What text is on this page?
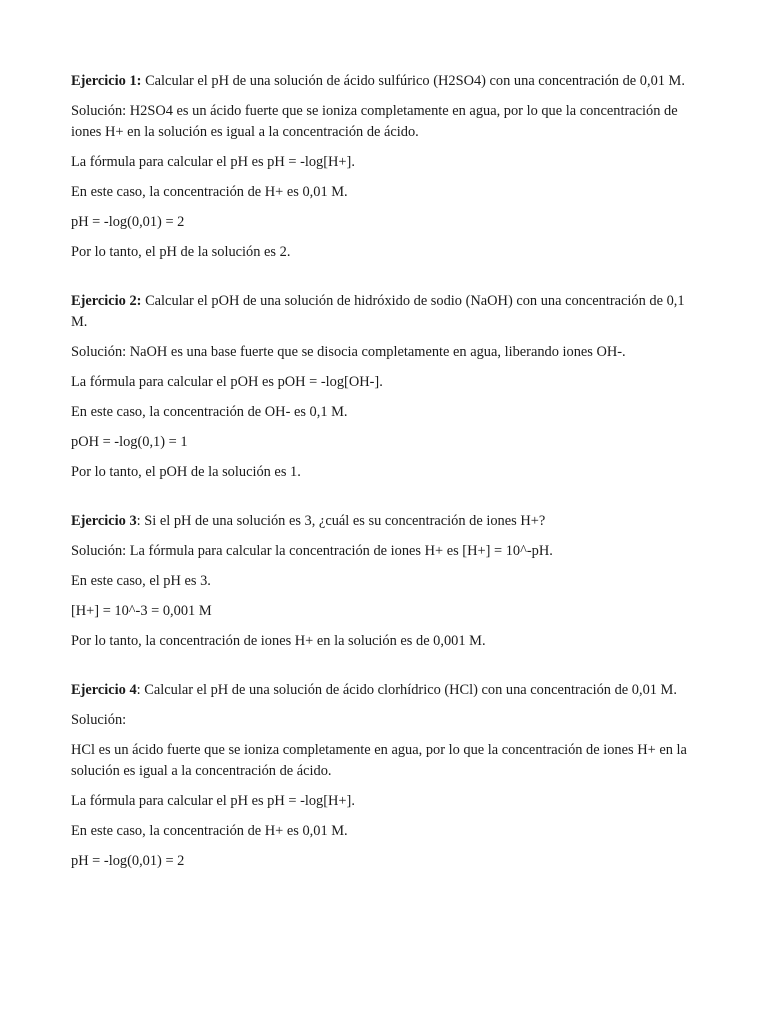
Ejercicio 1: Calcular el pH de una solución de ácido sulfúrico (H2SO4) con una concentración de 0,01 M.

Solución: H2SO4 es un ácido fuerte que se ioniza completamente en agua, por lo que la concentración de iones H+ en la solución es igual a la concentración de ácido.

La fórmula para calcular el pH es pH = -log[H+].

En este caso, la concentración de H+ es 0,01 M.

pH = -log(0,01) = 2

Por lo tanto, el pH de la solución es 2.

Ejercicio 2: Calcular el pOH de una solución de hidróxido de sodio (NaOH) con una concentración de 0,1 M.

Solución: NaOH es una base fuerte que se disocia completamente en agua, liberando iones OH-.

La fórmula para calcular el pOH es pOH = -log[OH-].

En este caso, la concentración de OH- es 0,1 M.

pOH = -log(0,1) = 1

Por lo tanto, el pOH de la solución es 1.

Ejercicio 3: Si el pH de una solución es 3, ¿cuál es su concentración de iones H+?

Solución: La fórmula para calcular la concentración de iones H+ es [H+] = 10^-pH.

En este caso, el pH es 3.

[H+] = 10^-3 = 0,001 M

Por lo tanto, la concentración de iones H+ en la solución es de 0,001 M.

Ejercicio 4: Calcular el pH de una solución de ácido clorhídrico (HCl) con una concentración de 0,01 M.

Solución:

HCl es un ácido fuerte que se ioniza completamente en agua, por lo que la concentración de iones H+ en la solución es igual a la concentración de ácido.

La fórmula para calcular el pH es pH = -log[H+].

En este caso, la concentración de H+ es 0,01 M.

pH = -log(0,01) = 2
